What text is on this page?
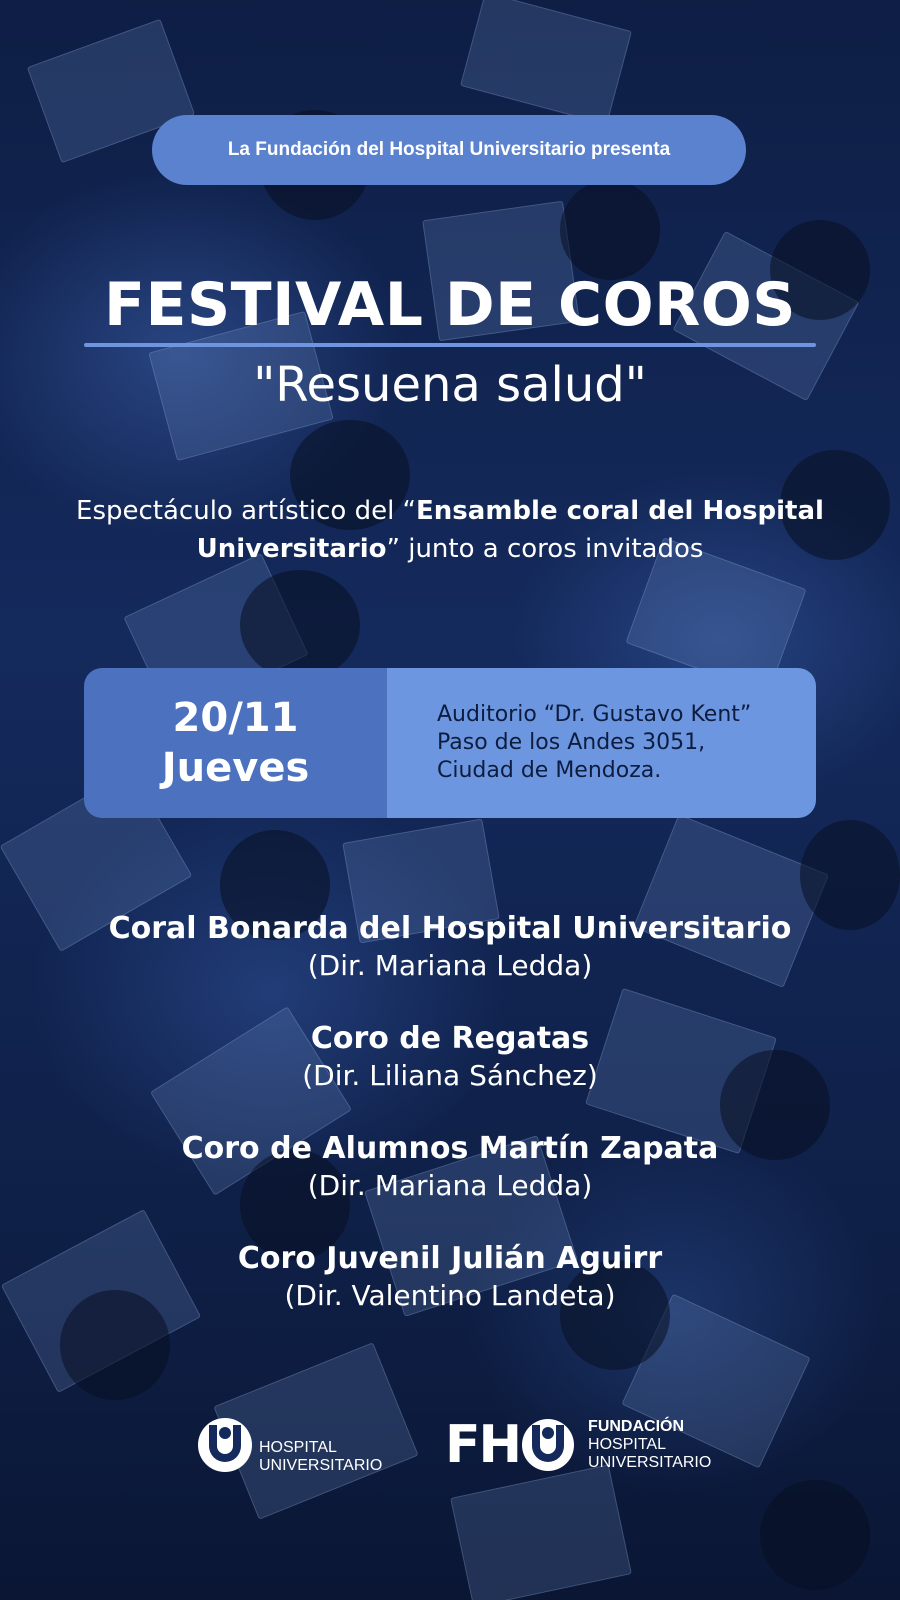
La Fundación del Hospital Universitario presenta
FESTIVAL DE COROS
"Resuena salud"
Espectáculo artístico del “Ensamble coral del Hospital Universitario” junto a coros invitados
20/11
Jueves
Auditorio “Dr. Gustavo Kent”
Paso de los Andes 3051,
Ciudad de Mendoza.
Coral Bonarda del Hospital Universitario
(Dir. Mariana Ledda)
Coro de Regatas
(Dir. Liliana Sánchez)
Coro de Alumnos Martín Zapata
(Dir. Mariana Ledda)
Coro Juvenil Julián Aguirr
(Dir. Valentino Landeta)
HOSPITAL
UNIVERSITARIO FH	FUNDACIÓN
HOSPITAL
UNIVERSITARIO
